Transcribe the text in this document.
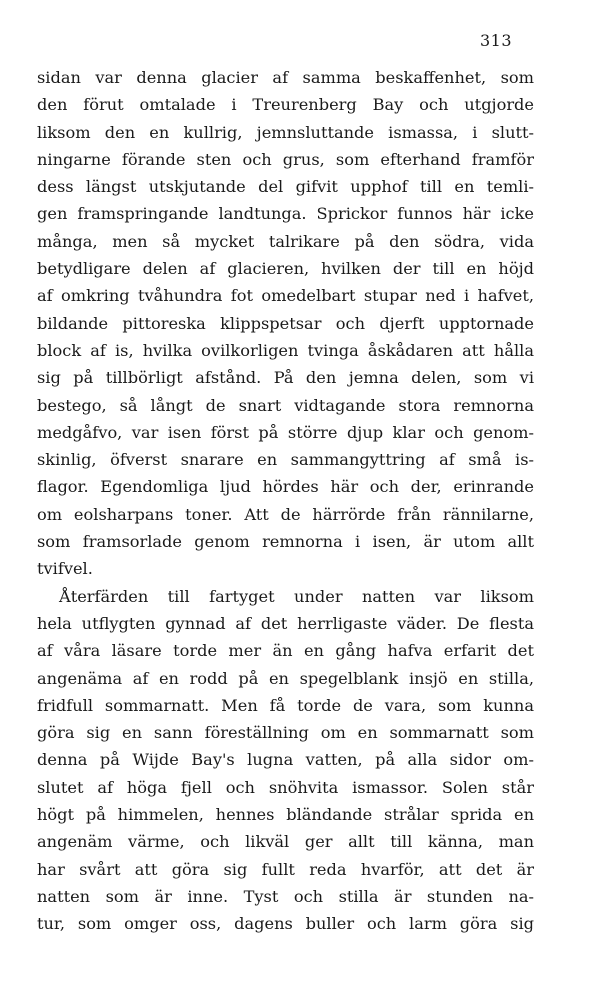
313
sidan var denna glacier af samma beskaffenhet, som
den förut omtalade i Treurenberg Bay och utgjorde
liksom den en kullrig, jemnsluttande ismassa, i slutt-
ningarne förande sten och grus, som efterhand framför
dess längst utskjutande del gifvit upphof till en temli-
gen framspringande landtunga. Sprickor funnos här icke
många, men så mycket talrikare på den södra, vida
betydligare delen af glacieren, hvilken der till en höjd
af omkring tvåhundra fot omedelbart stupar ned i hafvet,
bildande pittoreska klippspetsar och djerft upptornade
block af is, hvilka ovilkorligen tvinga åskådaren att hålla
sig på tillbörligt afstånd. På den jemna delen, som vi
bestego, så långt de snart vidtagande stora remnorna
medgåfvo, var isen först på större djup klar och genom-
skinlig, öfverst snarare en sammangyttring af små is-
flagor. Egendomliga ljud hördes här och der, erinrande
om eolsharpans toner. Att de härrörde från rännilarne,
som framsorlade genom remnorna i isen, är utom allt
tvifvel.
Återfärden till fartyget under natten var liksom
hela utflygten gynnad af det herrligaste väder. De flesta
af våra läsare torde mer än en gång hafva erfarit det
angenäma af en rodd på en spegelblank insjö en stilla,
fridfull sommarnatt. Men få torde de vara, som kunna
göra sig en sann föreställning om en sommarnatt som
denna på Wijde Bay's lugna vatten, på alla sidor om-
slutet af höga fjell och snöhvita ismassor. Solen står
högt på himmelen, hennes bländande strålar sprida en
angenäm värme, och likväl ger allt till känna, man
har svårt att göra sig fullt reda hvarför, att det är
natten som är inne. Tyst och stilla är stunden na-
tur, som omger oss, dagens buller och larm göra sig
